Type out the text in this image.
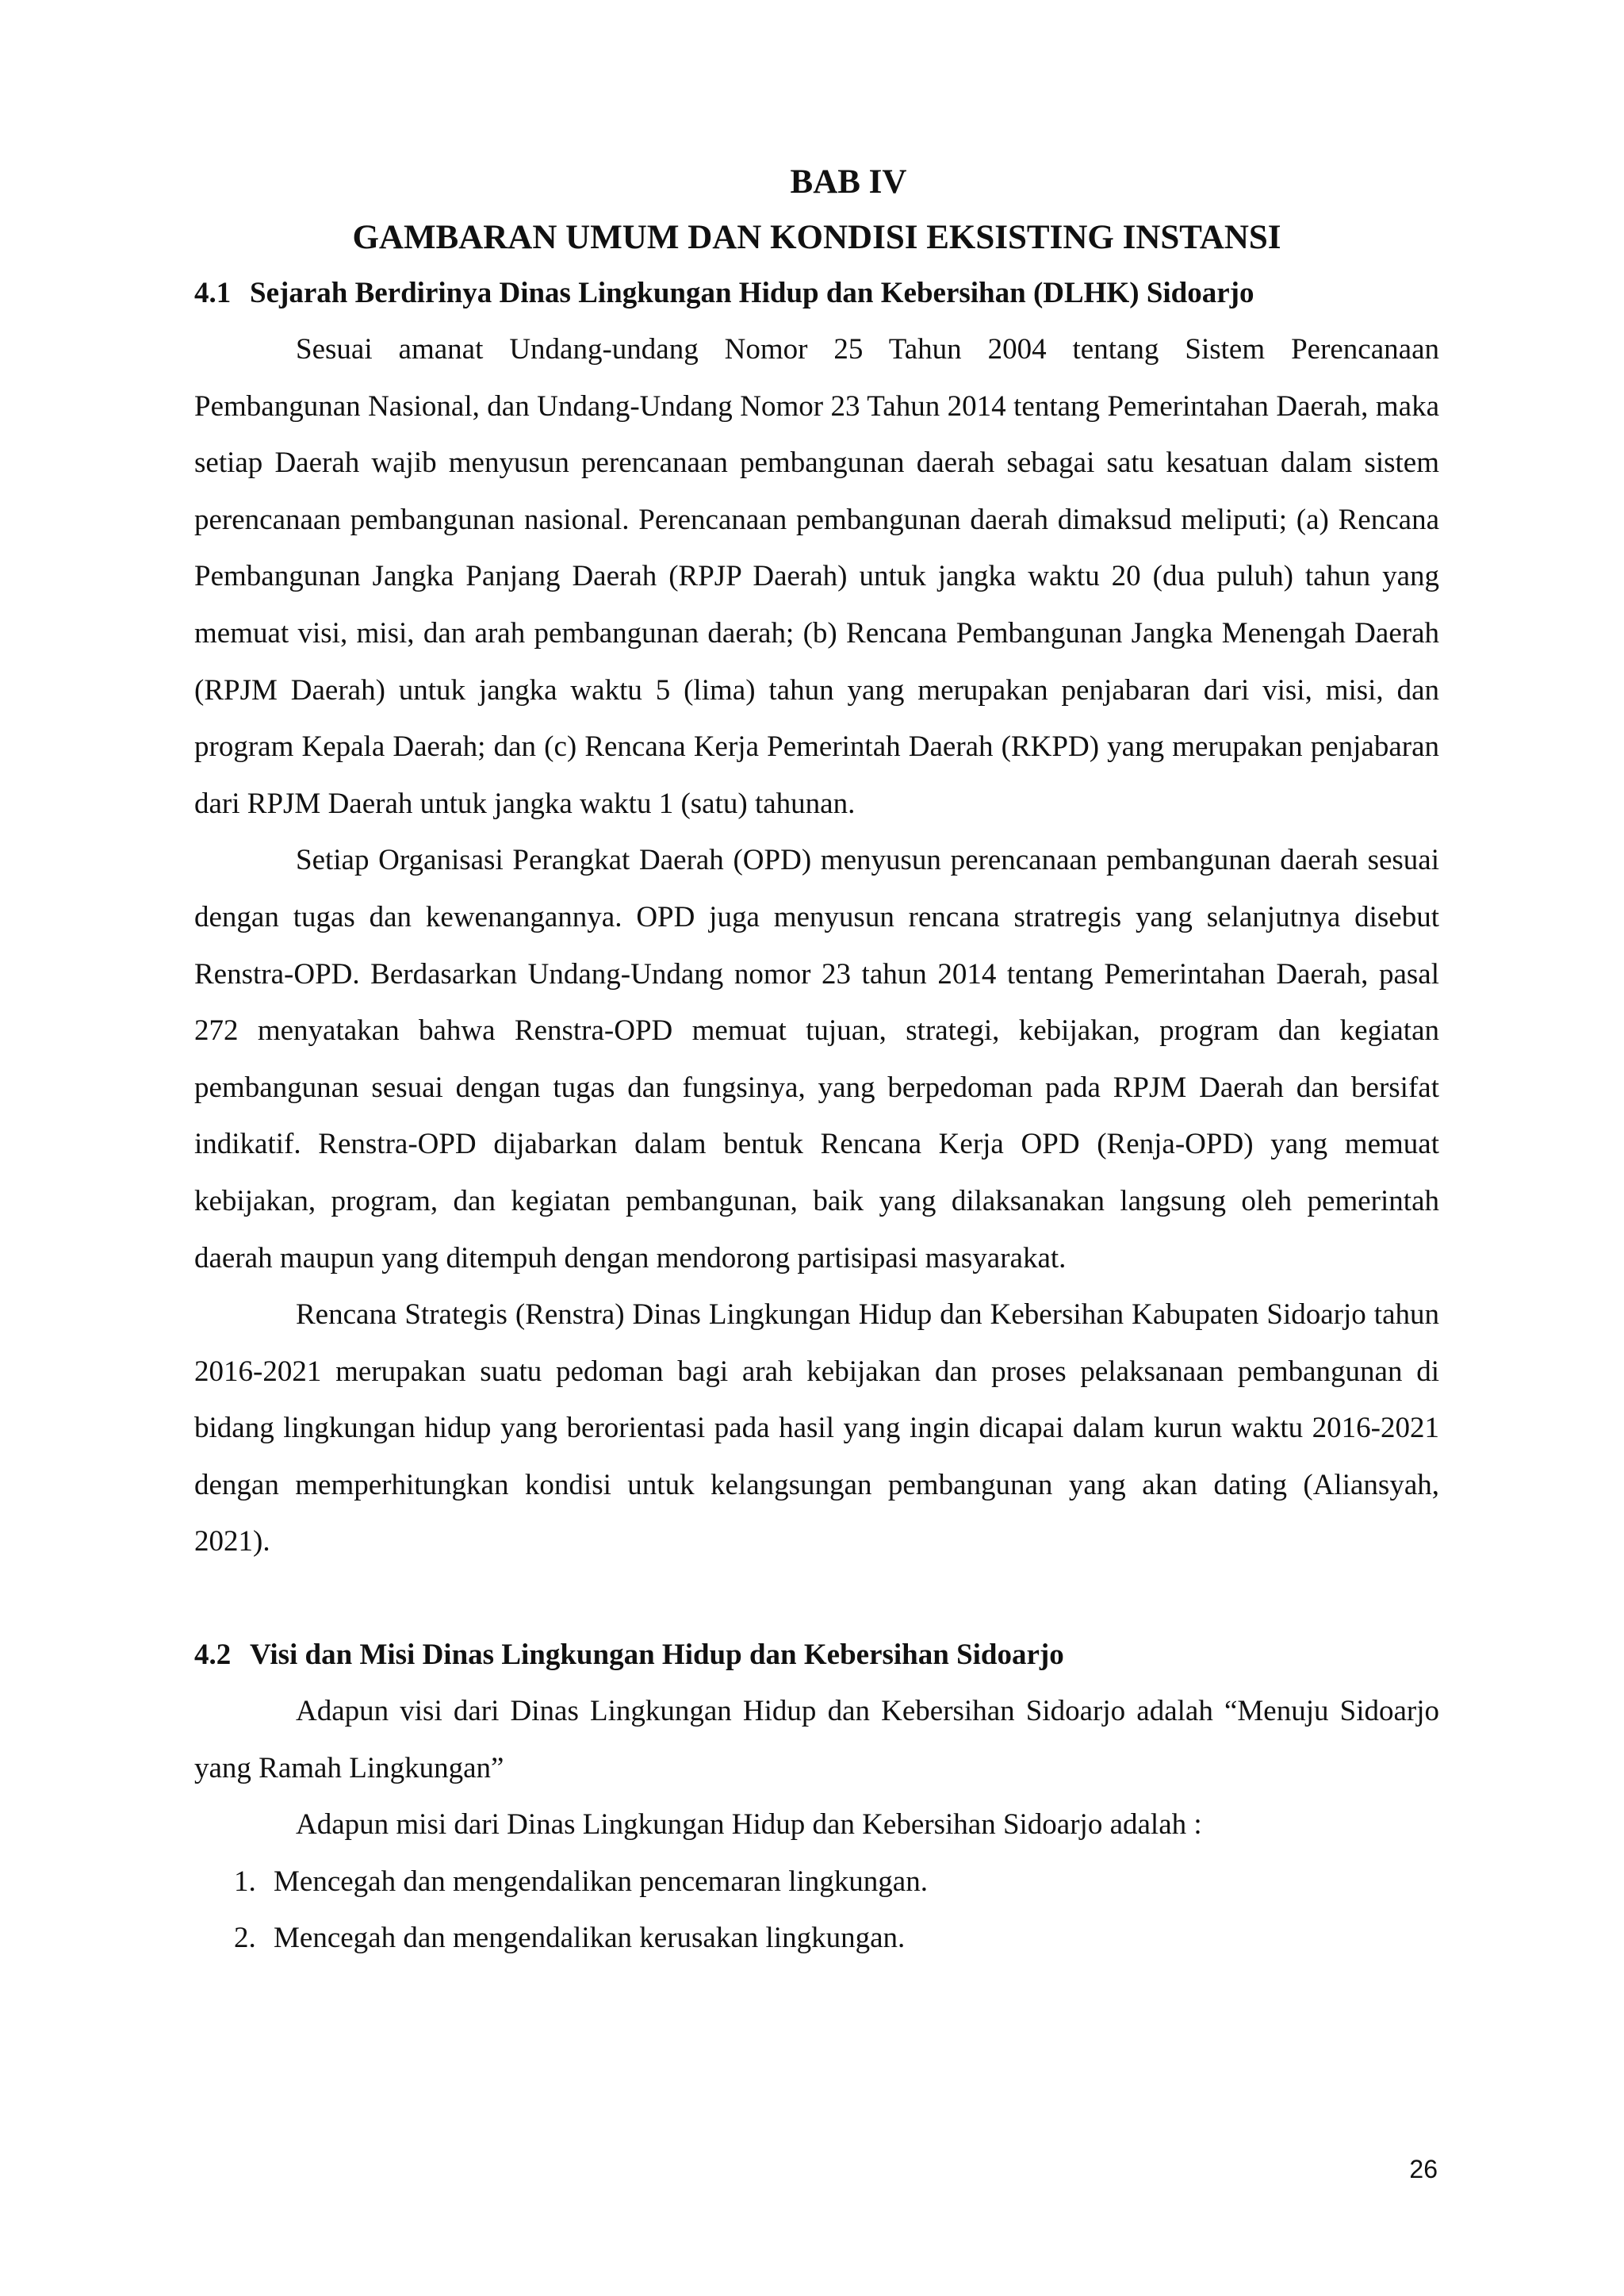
BAB IV
GAMBARAN UMUM DAN KONDISI EKSISTING INSTANSI
4.1 Sejarah Berdirinya Dinas Lingkungan Hidup dan Kebersihan (DLHK) Sidoarjo

Sesuai amanat Undang-undang Nomor 25 Tahun 2004 tentang Sistem Perencanaan Pembangunan Nasional, dan Undang-Undang Nomor 23 Tahun 2014 tentang Pemerintahan Daerah, maka setiap Daerah wajib menyusun perencanaan pembangunan daerah sebagai satu kesatuan dalam sistem perencanaan pembangunan nasional. Perencanaan pembangunan daerah dimaksud meliputi; (a) Rencana Pembangunan Jangka Panjang Daerah (RPJP Daerah) untuk jangka waktu 20 (dua puluh) tahun yang memuat visi, misi, dan arah pembangunan daerah; (b) Rencana Pembangunan Jangka Menengah Daerah (RPJM Daerah) untuk jangka waktu 5 (lima) tahun yang merupakan penjabaran dari visi, misi, dan program Kepala Daerah; dan (c) Rencana Kerja Pemerintah Daerah (RKPD) yang merupakan penjabaran dari RPJM Daerah untuk jangka waktu 1 (satu) tahunan.

Setiap Organisasi Perangkat Daerah (OPD) menyusun perencanaan pembangunan daerah sesuai dengan tugas dan kewenangannya. OPD juga menyusun rencana stratregis yang selanjutnya disebut Renstra-OPD. Berdasarkan Undang-Undang nomor 23 tahun 2014 tentang Pemerintahan Daerah, pasal 272 menyatakan bahwa Renstra-OPD memuat tujuan, strategi, kebijakan, program dan kegiatan pembangunan sesuai dengan tugas dan fungsinya, yang berpedoman pada RPJM Daerah dan bersifat indikatif. Renstra-OPD dijabarkan dalam bentuk Rencana Kerja OPD (Renja-OPD) yang memuat kebijakan, program, dan kegiatan pembangunan, baik yang dilaksanakan langsung oleh pemerintah daerah maupun yang ditempuh dengan mendorong partisipasi masyarakat.

Rencana Strategis (Renstra) Dinas Lingkungan Hidup dan Kebersihan Kabupaten Sidoarjo tahun 2016-2021 merupakan suatu pedoman bagi arah kebijakan dan proses pelaksanaan pembangunan di bidang lingkungan hidup yang berorientasi pada hasil yang ingin dicapai dalam kurun waktu 2016-2021 dengan memperhitungkan kondisi untuk kelangsungan pembangunan yang akan dating (Aliansyah, 2021).

4.2 Visi dan Misi Dinas Lingkungan Hidup dan Kebersihan Sidoarjo

Adapun visi dari Dinas Lingkungan Hidup dan Kebersihan Sidoarjo adalah “Menuju Sidoarjo yang Ramah Lingkungan”

Adapun misi dari Dinas Lingkungan Hidup dan Kebersihan Sidoarjo adalah :

1. Mencegah dan mengendalikan pencemaran lingkungan.
2. Mencegah dan mengendalikan kerusakan lingkungan.
26
